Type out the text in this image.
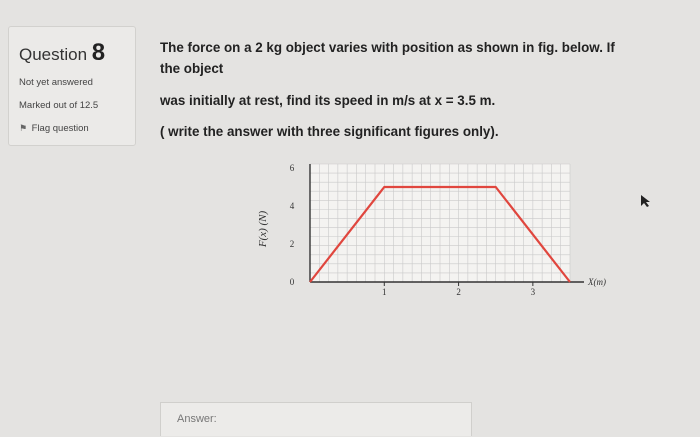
Question 8
Not yet answered
Marked out of 12.5
⚑ Flag question

The force on a 2 kg object varies with position as shown in fig. below. If

the object

was initially at rest, find its speed in m/s at x = 3.5 m.

( write the answer with three significant figures only).

1	2	3
0
2
4
6
F(x) (N)
X(m)
Answer:
